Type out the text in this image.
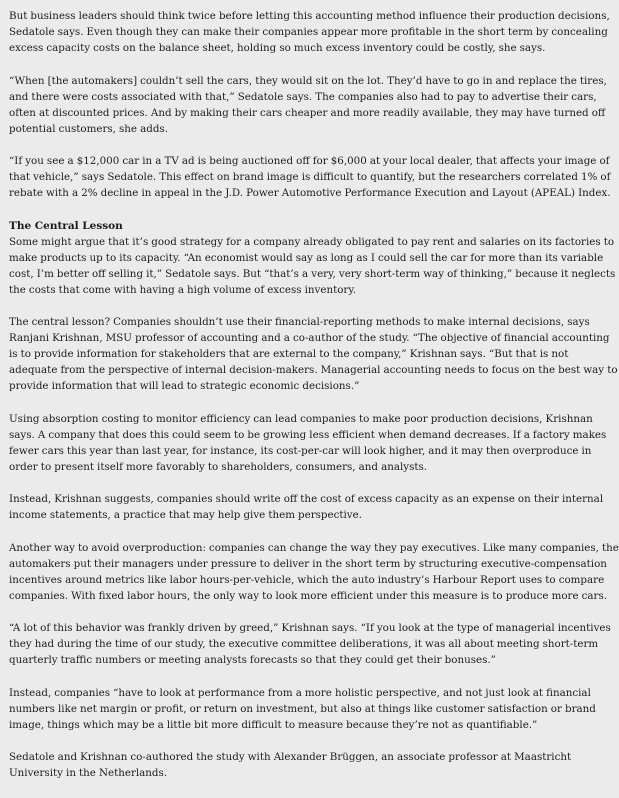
But business leaders should think twice before letting this accounting method influence their production decisions, Sedatole says. Even though they can make their companies appear more profitable in the short term by concealing excess capacity costs on the balance sheet, holding so much excess inventory could be costly, she says.

“When [the automakers] couldn’t sell the cars, they would sit on the lot. They’d have to go in and replace the tires, and there were costs associated with that,” Sedatole says. The companies also had to pay to advertise their cars, often at discounted prices. And by making their cars cheaper and more readily available, they may have turned off potential customers, she adds.

“If you see a $12,000 car in a TV ad is being auctioned off for $6,000 at your local dealer, that affects your image of that vehicle,” says Sedatole. This effect on brand image is difficult to quantify, but the researchers correlated 1% of rebate with a 2% decline in appeal in the J.D. Power Automotive Performance Execution and Layout (APEAL) Index.

The Central Lesson

Some might argue that it’s good strategy for a company already obligated to pay rent and salaries on its factories to make products up to its capacity. “An economist would say as long as I could sell the car for more than its variable cost, I’m better off selling it,” Sedatole says. But “that’s a very, very short-term way of thinking,” because it neglects the costs that come with having a high volume of excess inventory.

The central lesson? Companies shouldn’t use their financial-reporting methods to make internal decisions, says Ranjani Krishnan, MSU professor of accounting and a co-author of the study. “The objective of financial accounting is to provide information for stakeholders that are external to the company,” Krishnan says. “But that is not adequate from the perspective of internal decision-makers. Managerial accounting needs to focus on the best way to provide information that will lead to strategic economic decisions.”

Using absorption costing to monitor efficiency can lead companies to make poor production decisions, Krishnan says. A company that does this could seem to be growing less efficient when demand decreases. If a factory makes fewer cars this year than last year, for instance, its cost-per-car will look higher, and it may then overproduce in order to present itself more favorably to shareholders, consumers, and analysts.

Instead, Krishnan suggests, companies should write off the cost of excess capacity as an expense on their internal income statements, a practice that may help give them perspective.

Another way to avoid overproduction: companies can change the way they pay executives. Like many companies, the automakers put their managers under pressure to deliver in the short term by structuring executive-compensation incentives around metrics like labor hours-per-vehicle, which the auto industry’s Harbour Report uses to compare companies. With fixed labor hours, the only way to look more efficient under this measure is to produce more cars.

“A lot of this behavior was frankly driven by greed,” Krishnan says. “If you look at the type of managerial incentives they had during the time of our study, the executive committee deliberations, it was all about meeting short-term quarterly traffic numbers or meeting analysts forecasts so that they could get their bonuses.”

Instead, companies “have to look at performance from a more holistic perspective, and not just look at financial numbers like net margin or profit, or return on investment, but also at things like customer satisfaction or brand image, things which may be a little bit more difficult to measure because they’re not as quantifiable.”

Sedatole and Krishnan co-authored the study with Alexander Brüggen, an associate professor at Maastricht University in the Netherlands.
